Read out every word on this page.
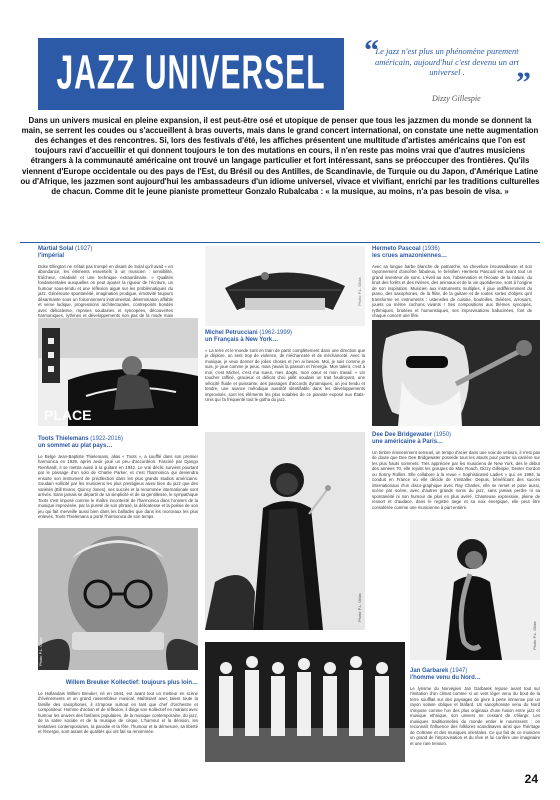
JAZZ UNIVERSEL “
Le jazz n'est plus un phénomène purement américain, aujourd'hui c'est devenu un art universel .	”
Dizzy Gillespie
Dans un univers musical en pleine expansion, il est peut-être osé et utopique de penser que tous les jazzmen du monde se donnent la main, se serrent les coudes ou s'accueillent à bras ouverts, mais dans le grand concert international, on constate une nette augmentation des échanges et des rencontres. Si, lors des festivals d'été, les affiches présentent une multitude d'artistes américains que l'on est toujours ravi d'accueillir et qui donnent toujours le ton des mutations en cours, il n'en reste pas moins vrai que d'autres musiciens étrangers à la communauté américaine ont trouvé un langage particulier et fort intéressant, sans se préoccuper des frontières. Qu'ils viennent d'Europe occidentale ou des pays de l'Est, du Brésil ou des Antilles, de Scandinavie, de Turquie ou du Japon, d'Amérique Latine ou d'Afrique, les jazzmen sont aujourd'hui les ambassadeurs d'un idiome universel, vivace et vivifiant, enrichi par les traditions culturelles de chacun. Comme dit le jeune pianiste prometteur Gonzalo Rubalcaba : « la musique, au moins, n'a pas besoin de visa. »
Martial Solal (1927)
l'impérial
Duke Ellington ne s'était pas trompé en disant de Solal qu'il avait « en abondance, les éléments essentiels à un musicien : sensibilité, fraîcheur, créativité et une technique extraordinaire. » Qualités fondamentales auxquelles on peut ajouter la rigueur de l'écriture, un humour sous-tendu et une réflexion aiguë sur les problématiques du jazz. Généreuse spontanéité, imagination prodigue, émotivité toujours désarmante sous un foisonnement instrumental, détermination affable et verve ludique, progressions architecturales, contrepoints bondés avec délicatesse, reprises soudaines et syncopées, découvertes harmoniques, rythmes et développements non pas de la mode mais
PLACE
Toots Thielemans (1922-2016)
un sommet au plat pays…
Le Belge Jean-Baptiste Thielemans, alias « Toots », a soufflé dans son premier harmonica en 1939, après avoir joué un peu d'accordéon. Fasciné par Django Reinhardt, il se mettra aussi à la guitare en 1942. Le vrai déclic survient pourtant par le passage d'un solo de Charlie Parker, et c'est l'harmonica qui deviendra ensuite son instrument de prédilection dans les plus grands studios américains. Soudain sollicité par les musiciens les plus prestigieux aussi bien du jazz que des variétés (Bill Evans, Quincy Jones), ses succès et la renommée internationale sont arrivés. Sans jamais se départir de sa simplicité et de sa gentillesse, le sympathique Toots s'est imposé comme le maître incontesté de l'harmonica dans l'univers de la musique improvisée, par la pureté de son phrasé, la délicatesse et la poésie de son jeu qui fait merveille aussi bien dans les ballades que dans les morceaux les plus enlevés. Toots Thielemans a porté l'harmonica de son temps.
Photo P.L. Gilda
Willem Breuker Kollectief: toujours plus loin…
Le Hollandais Willem Breuker, né en 1944, est avant tout un metteur en scène d'événements et un grand rassembleur musical. Maîtrisant avec talent toute la famille des saxophones, il s'impose surtout en tant que chef d'orchestre et compositeur. Homme d'action et de réflexion, il dirige son Kollectief en mariant avec humour les univers des fanfares populaires, de la musique contemporaine, du jazz, de la satire sociale et de la musique de cirque. L'humour et la dérision, les tentatives contemporaines, la parodie et la fête, l'humour et la démesure, sa liberté et l'énergie, sont autant de qualités qui ont fait sa renommée.
Photo P.L. Gilda
Michel Petrucciani (1962-1999)
un Français à New York…
« La terre et le monde sont en train de partir complètement dans une direction que je déplore, on sent trop de violence, de méchanceté et de méchanceté. Avec la musique, je veux donner de jolies choses et j'en ai besoin. Moi, je suis comme je suis, je joue comme je peux, mais j'avais la passion et l'énergie. Mon talent, c'est à moi, c'est Michel, c'est ma sueur, mes doigts, mon cœur et mon travail. » Un toucher raffiné, gracieux et délicat d'où jaillit soudain un trait foudroyant, une vélocité fluide et puissante, des passages d'accords dynamiques, un jeu tendu et tendre, une avance mélodique aussitôt identifiable dans les développements improvisés, sont les éléments les plus notables de ce pianiste exposé aux États-Unis qui l'a fréquenté tout le gotha du jazz.
Photo P.L. Gilda
Hermeto Pascoal (1936)
les crues amazoniennes…
Avec sa longue barbe blanche de patriarche, sa chevelure broussailleuse et son rayonnement d'ancêtre fabuleux, le brésilien Hermeto Pascoal est avant tout un grand inventeur de sons. L'éveil au son, l'observation et l'écoute de la nature, du bruit des forêts et des rivières, des animaux et de la vie quotidienne, sont à l'origine de son inspiration. Musicien aux instruments multiples, il joue indifféremment du piano, des saxophones, de la flûte, de la guitare et de toutes sortes d'objets qu'il transforme en instruments : ustensiles de cuisine, bouteilles, théières, arrosoirs, jouets ou même cochons vivants ! Ses compositions aux thèmes syncopés, rythmiques, bruitées et humoristiques, ses improvisations hallucinées, font de chaque concert une fête.
Dee Dee Bridgewater (1950)
une américaine à Paris…
Un timbre éminemment sensuel, un tempo d'acier dans une voix de velours, il n'est pas de doute que Dee Dee Bridgewater possède tous les atouts pour porter sa carrière sur les plus hauts sommets. Très appréciée par les musiciens de New York, dès le début des années 70, elle rejoint les groupes de Max Roach, Dizzy Gillespie, Dexter Gordon ou Sonny Rollins. Elle collabore à la revue « Sophisticated Ladies » qui, en 1984, la conduit en France où elle décide de s'installer. Depuis, bénéficiant des succès internationaux d'un disco-graphique avec Ray Charles, elle se remet et pose aussi, scène par scène, avec d'autres grands noms du jazz, sans jamais perdre ni sa spontanéité ni son humour de plus en plus avéré. Chanteuse expressive, pleine de ressort et d'audace, dans le registre large et sa voix énergique, elle peut être considérée comme une musicienne à part entière.
Photo P.L. Gilda
Jan Garbarek (1947)
l'homme venu du Nord…
Le lyrisme du Norvégien Jan Garbarek repose avant tout sur l'imitation d'un climat comme si un vent léger venu du bout de la terre soufflait sur des paysages de givre à perte immense par un rayon solaire oblique et blafard. Un saxophoniste venu du Nord s'impose comme l'un des plus originaux d'une fusion entre jazz et musique ethnique, son univers ne cessant de s'élargir. Les musiques traditionnelles du monde entier le nourrissent : on reconnaît l'influence des folklores scandinaves ainsi que l'héritage de Coltrane et des musiques orientales. Ce qui fait de ce musicien un grand de l'improvisation et du rêve et lui confère une imaginaire et une rare tension.
24
